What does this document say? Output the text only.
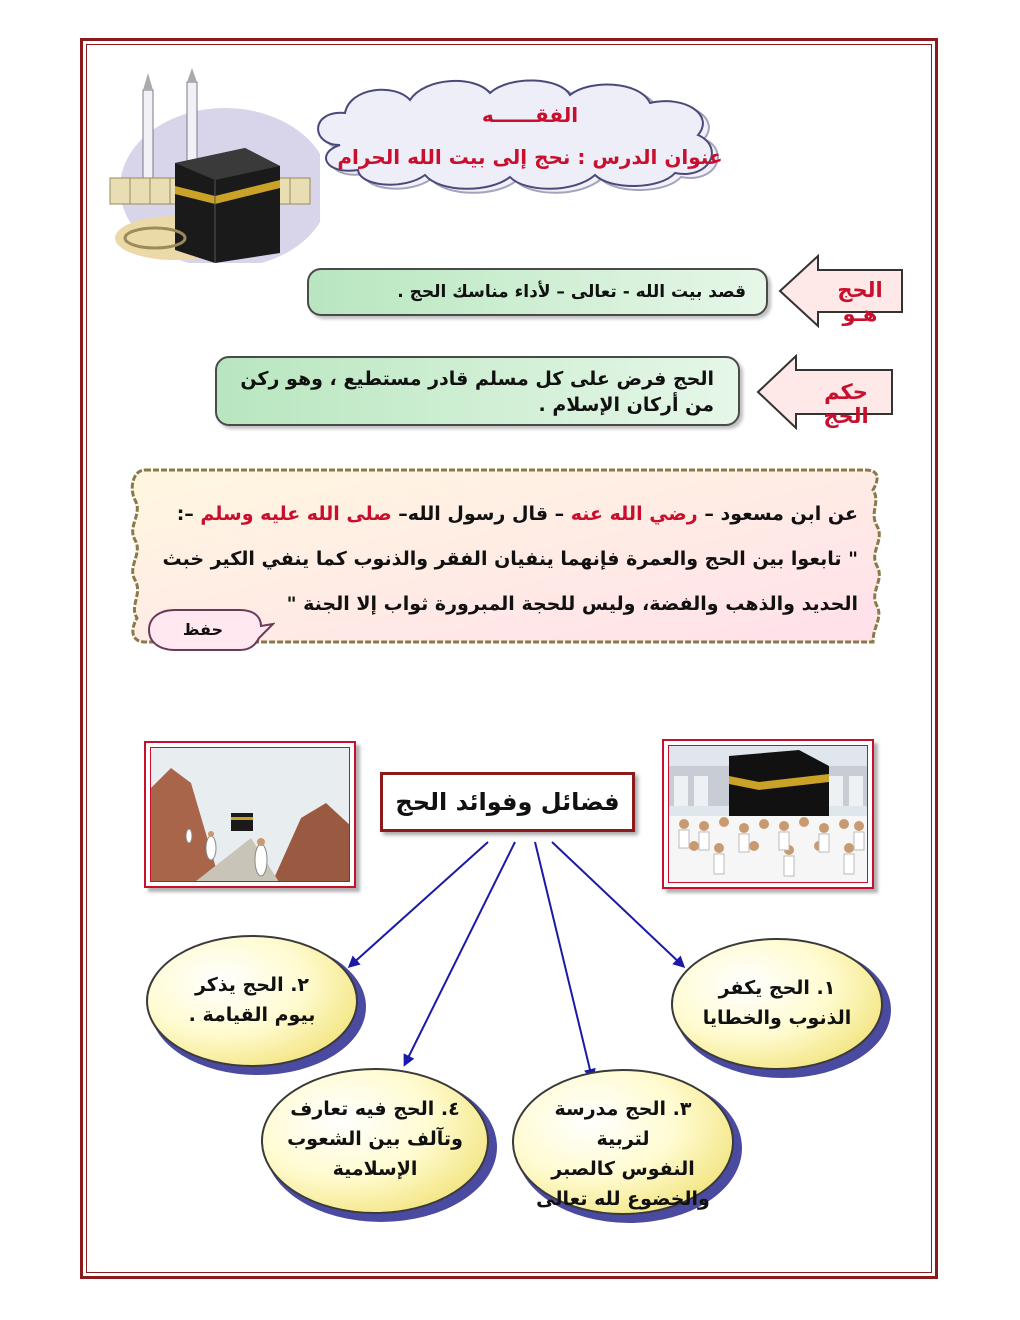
الفقــــــه
عنوان الدرس : نحج إلى بيت الله الحرام
الحج هـو
قصد بيت الله - تعالى – لأداء مناسك الحج .
حكم الحج
الحج فرض على كل مسلم قادر مستطيع ، وهو ركن
من أركان الإسلام .
عن ابن مسعود – رضي الله عنه – قال رسول الله– صلى الله عليه وسلم –:
" تابعوا بين الحج والعمرة فإنهما ينفيان الفقر والذنوب كما ينفي الكير خبث
الحديد والذهب والفضة، وليس للحجة المبرورة ثواب إلا الجنة "
حفظ
فضائل وفوائد الحج
١. الحج يكفر
الذنوب والخطايا
٢. الحج يذكر
بيوم القيامة .
٣. الحج مدرسة لتربية
النفوس كالصبر
والخضوع لله تعالى
٤. الحج فيه تعارف
وتآلف بين الشعوب
الإسلامية
